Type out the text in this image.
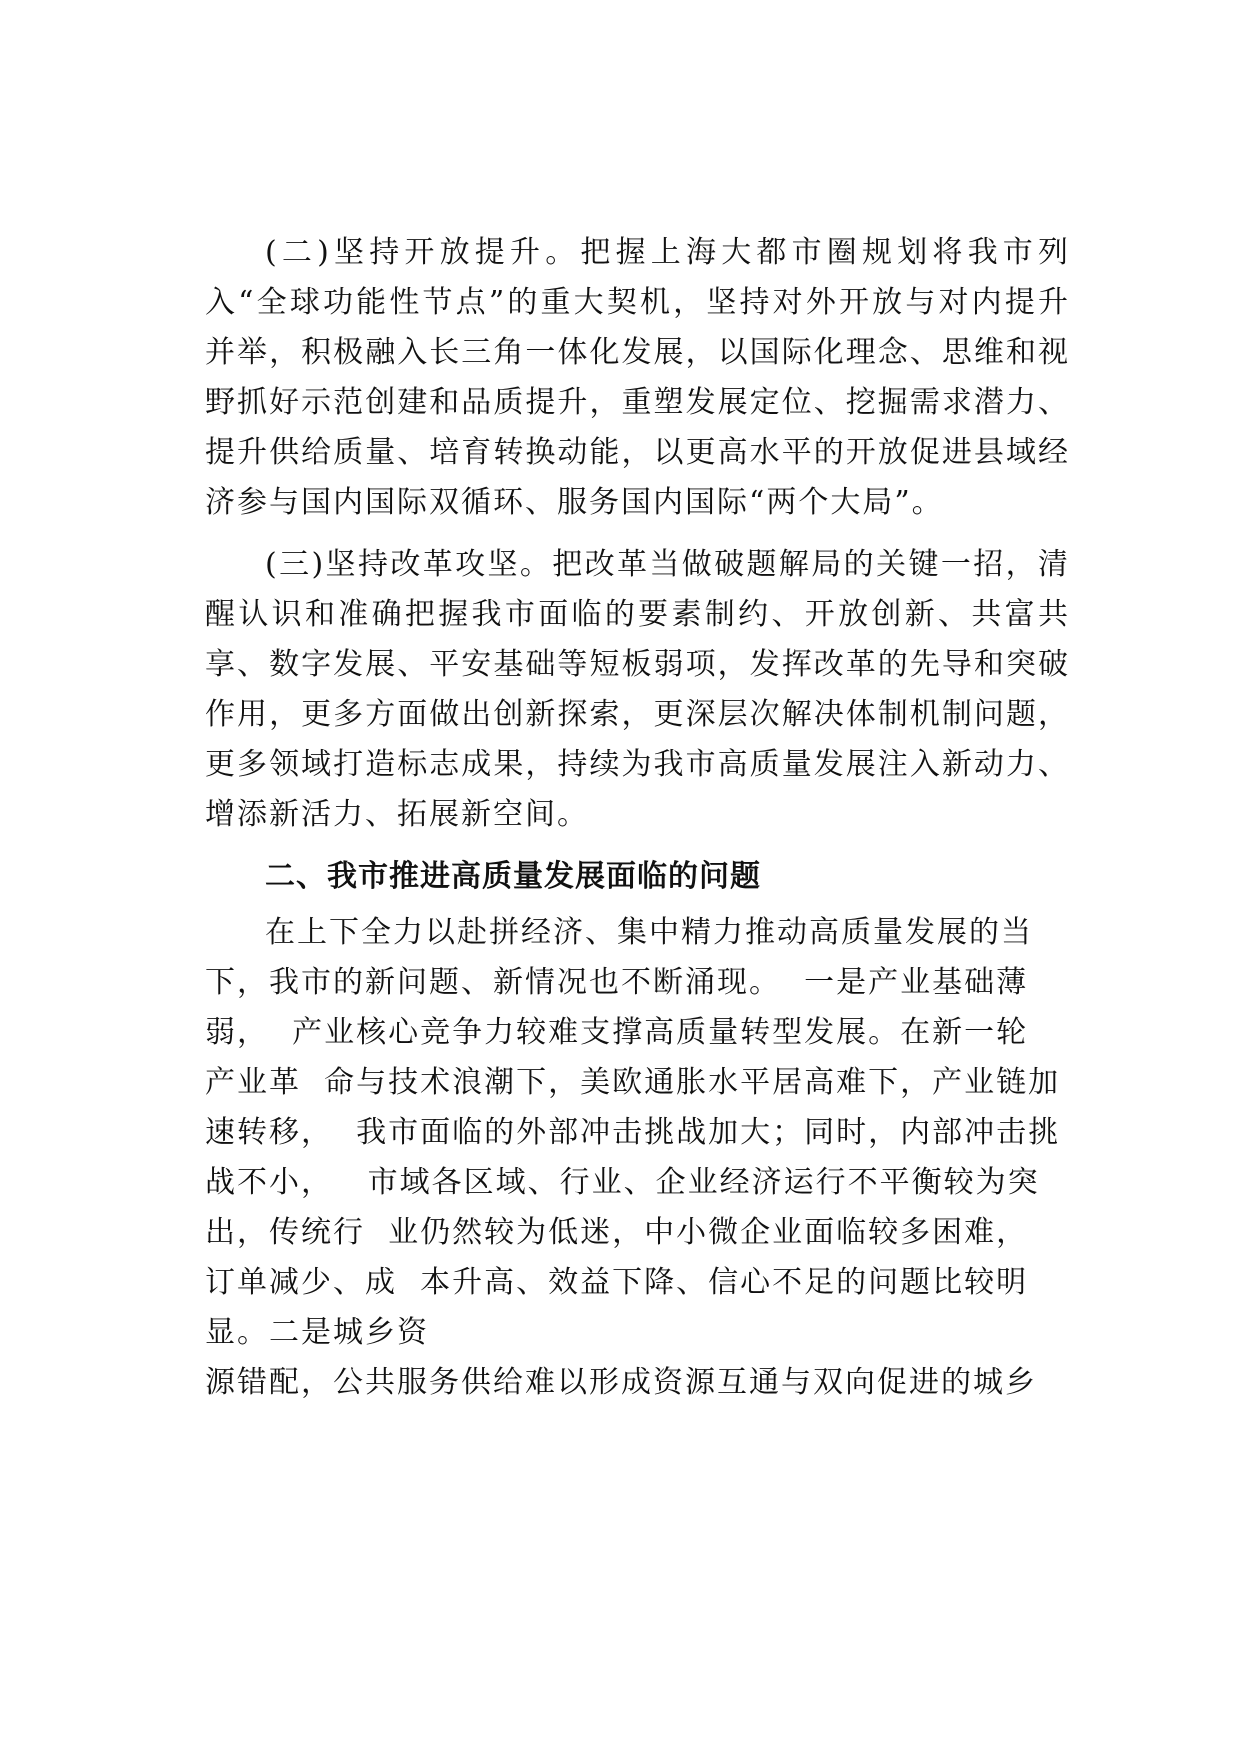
(二)坚持开放提升。把握上海大都市圈规划将我市列入“全球功能性节点”的重大契机，坚持对外开放与对内提升并举，积极融入长三角一体化发展，以国际化理念、思维和视野抓好示范创建和品质提升，重塑发展定位、挖掘需求潜力、提升供给质量、培育转换动能，以更高水平的开放促进县域经济参与国内国际双循环、服务国内国际“两个大局”。

(三)坚持改革攻坚。把改革当做破题解局的关键一招，清醒认识和准确把握我市面临的要素制约、开放创新、共富共享、数字发展、平安基础等短板弱项，发挥改革的先导和突破作用，更多方面做出创新探索，更深层次解决体制机制问题，更多领域打造标志成果，持续为我市高质量发展注入新动力、增添新活力、拓展新空间。

二、我市推进高质量发展面临的问题
在上下全力以赴拼经济、集中精力推动高质量发展的当
下，我市的新问题、新情况也不断涌现。  一是产业基础薄
弱，  产业核心竞争力较难支撑高质量转型发展。在新一轮
产业革  命与技术浪潮下，美欧通胀水平居高难下，产业链加
速转移，  我市面临的外部冲击挑战加大；同时，内部冲击挑
战不小，   市域各区域、行业、企业经济运行不平衡较为突
出，传统行  业仍然较为低迷，中小微企业面临较多困难，
订单减少、成  本升高、效益下降、信心不足的问题比较明
显。二是城乡资
源错配，公共服务供给难以形成资源互通与双向促进的城乡
